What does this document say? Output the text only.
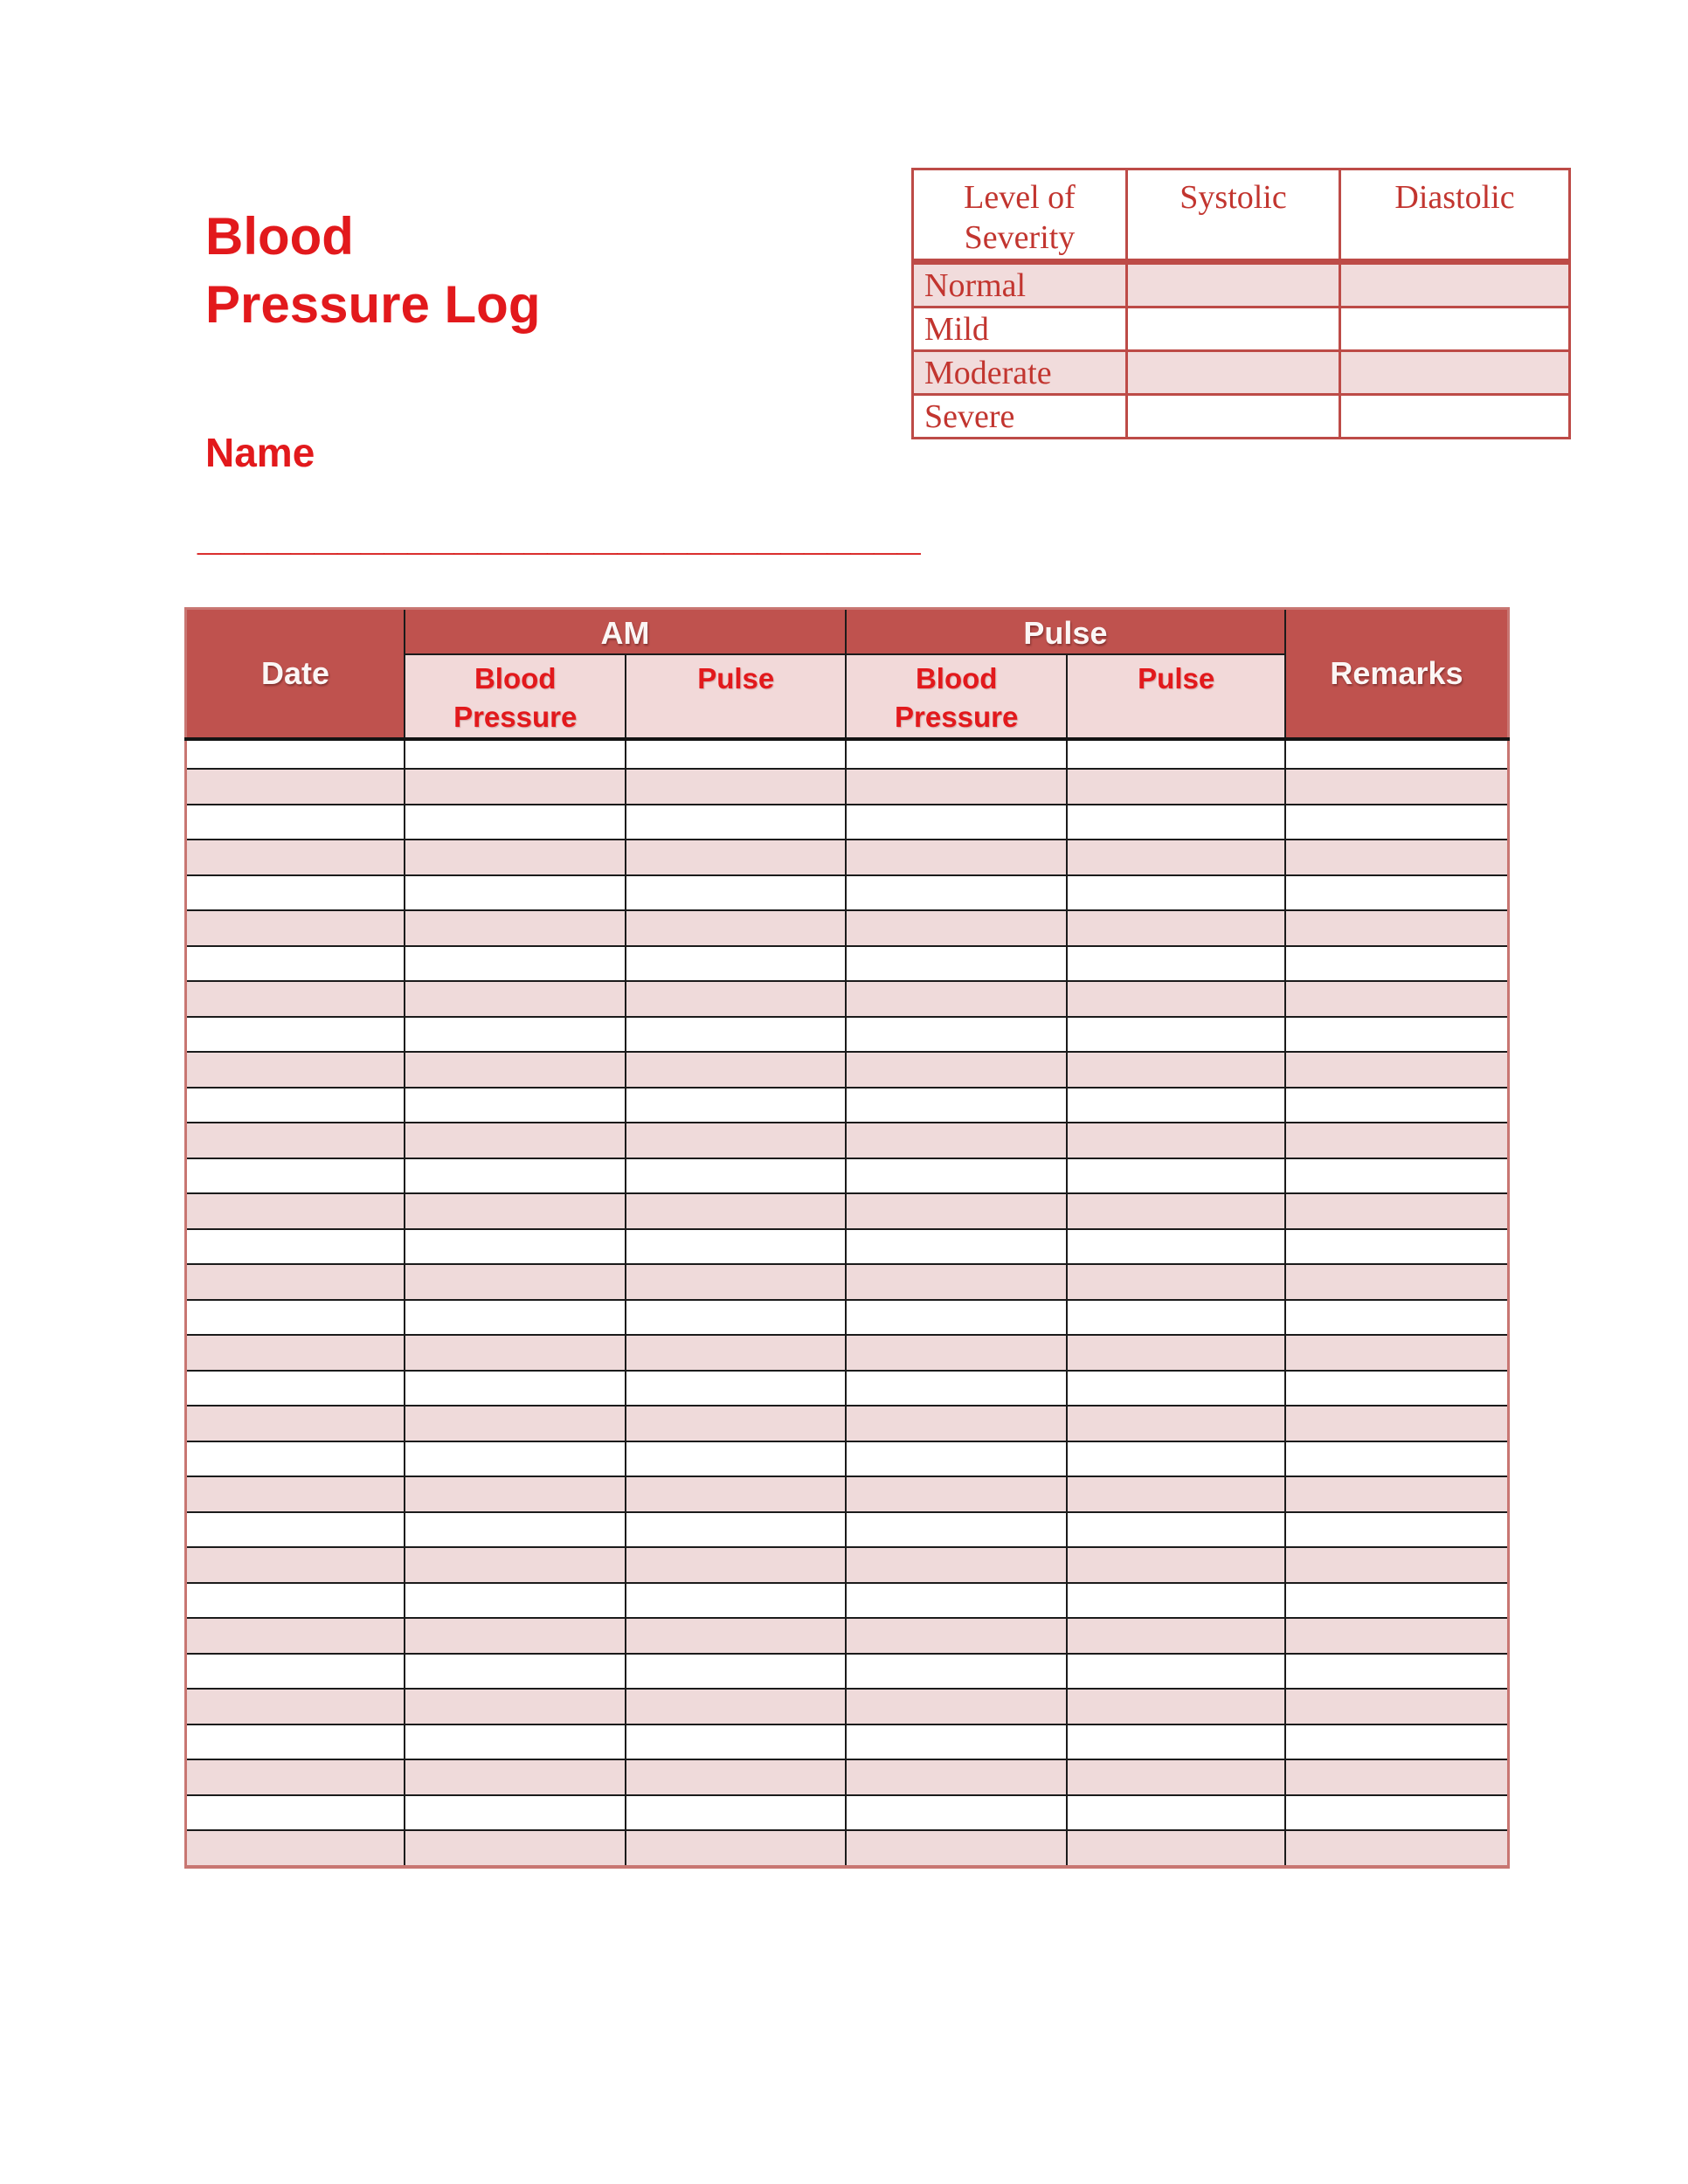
Blood
Pressure Log
Level of Severity	Systolic	Diastolic
Normal		
Mild		
Moderate		
Severe		
Name
_______________________________
Date	AM		Pulse		Remarks
	Blood Pressure	Pulse	Blood Pressure	Pulse	
